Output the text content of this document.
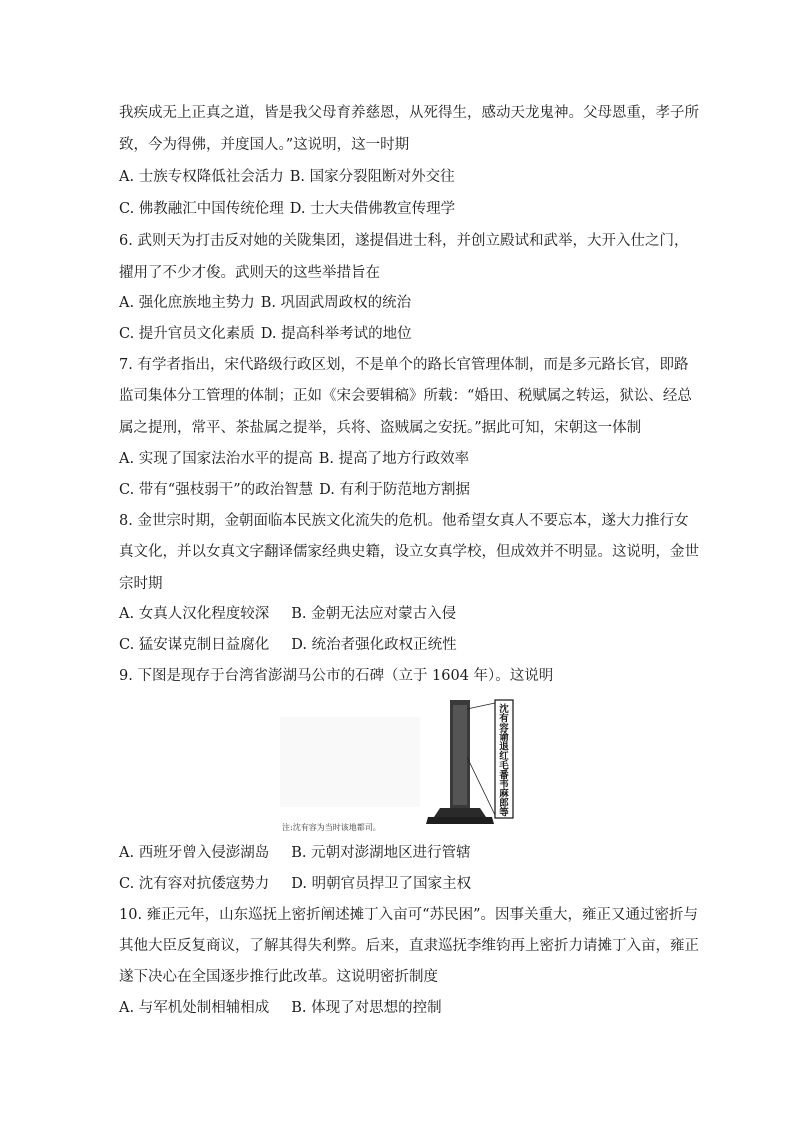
我疾成无上正真之道，皆是我父母育养慈恩，从死得生，感动天龙鬼神。父母恩重，孝子所
致，今为得佛，并度国人。”这说明，这一时期
A. 士族专权降低社会活力 B. 国家分裂阻断对外交往
C. 佛教融汇中国传统伦理 D. 士大夫借佛教宣传理学
6. 武则天为打击反对她的关陇集团，遂提倡进士科，并创立殿试和武举，大开入仕之门，
擢用了不少才俊。武则天的这些举措旨在
A. 强化庶族地主势力 B. 巩固武周政权的统治
C. 提升官员文化素质 D. 提高科举考试的地位
7. 有学者指出，宋代路级行政区划，不是单个的路长官管理体制，而是多元路长官，即路
监司集体分工管理的体制；正如《宋会要辑稿》所载：“婚田、税赋属之转运，狱讼、经总
属之提刑，常平、茶盐属之提举，兵将、盗贼属之安抚。”据此可知，宋朝这一体制
A. 实现了国家法治水平的提高 B. 提高了地方行政效率
C. 带有“强枝弱干”的政治智慧 D. 有利于防范地方割据
8. 金世宗时期，金朝面临本民族文化流失的危机。他希望女真人不要忘本，遂大力推行女
真文化，并以女真文字翻译儒家经典史籍，设立女真学校，但成效并不明显。这说明，金世
宗时期
A. 女真人汉化程度较深 B. 金朝无法应对蒙古入侵
C. 猛安谋克制日益腐化 D. 统治者强化政权正统性
9. 下图是现存于台湾省澎湖马公市的石碑（立于 1604 年）。这说明
沈有容谕退红毛番韦麻郎等
注:沈有容为当时该地都司。
A. 西班牙曾入侵澎湖岛 B. 元朝对澎湖地区进行管辖
C. 沈有容对抗倭寇势力 D. 明朝官员捍卫了国家主权
10. 雍正元年，山东巡抚上密折阐述摊丁入亩可“苏民困”。因事关重大，雍正又通过密折与
其他大臣反复商议，了解其得失利弊。后来，直隶巡抚李维钧再上密折力请摊丁入亩，雍正
遂下决心在全国逐步推行此改革。这说明密折制度
A. 与军机处制相辅相成 B. 体现了对思想的控制
